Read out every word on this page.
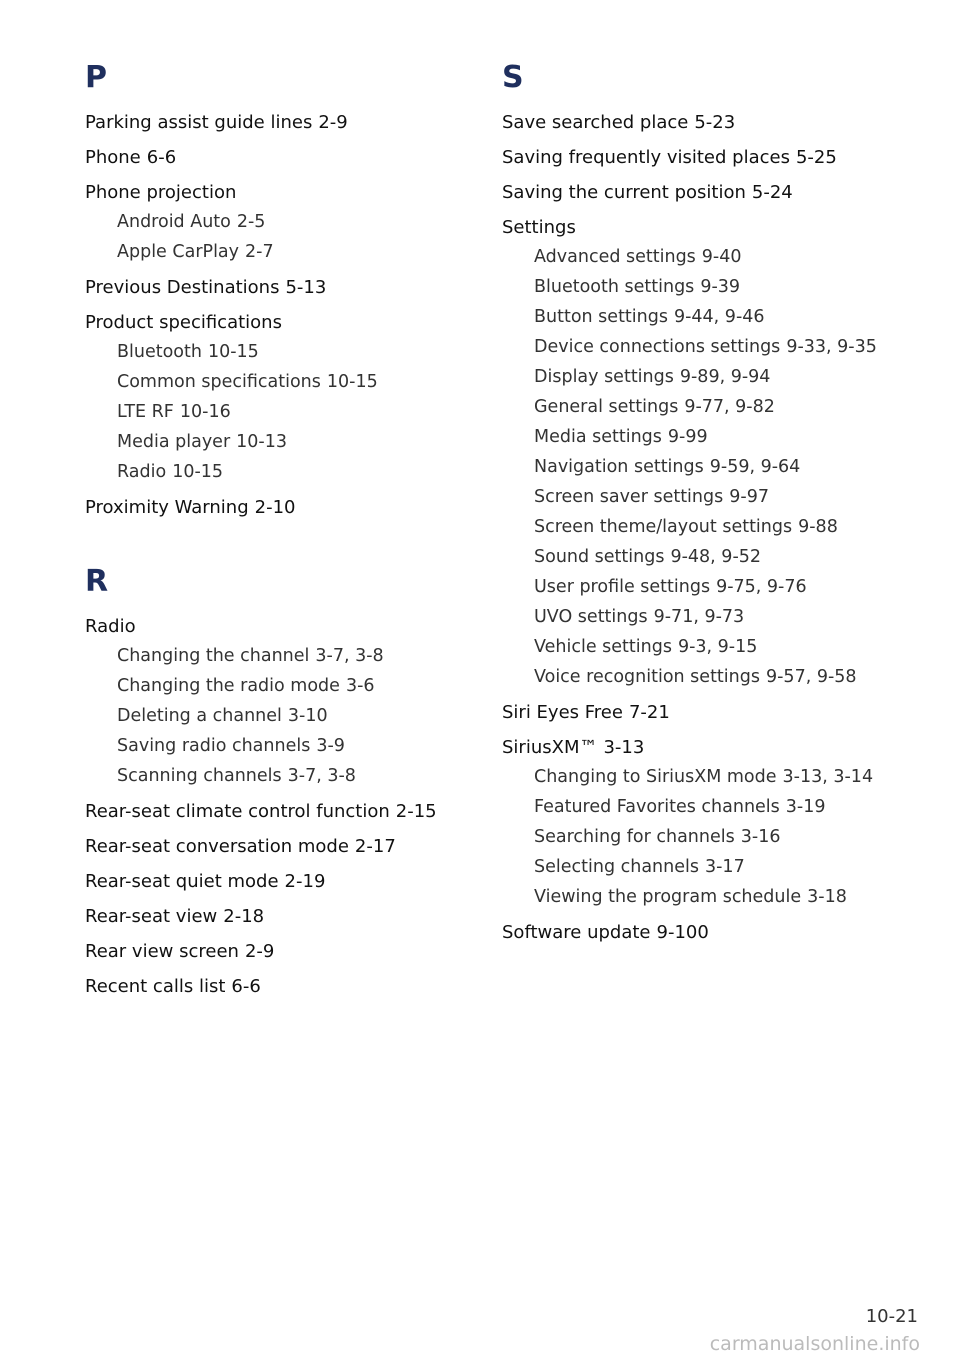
P
Parking assist guide lines 2-9
Phone 6-6
Phone projection
Android Auto 2-5
Apple CarPlay 2-7
Previous Destinations 5-13
Product specifications
Bluetooth 10-15
Common specifications 10-15
LTE RF 10-16
Media player 10-13
Radio 10-15
Proximity Warning 2-10
R
Radio
Changing the channel 3-7, 3-8
Changing the radio mode 3-6
Deleting a channel 3-10
Saving radio channels 3-9
Scanning channels 3-7, 3-8
Rear-seat climate control function 2-15
Rear-seat conversation mode 2-17
Rear-seat quiet mode 2-19
Rear-seat view 2-18
Rear view screen 2-9
Recent calls list 6-6
S
Save searched place 5-23
Saving frequently visited places 5-25
Saving the current position 5-24
Settings
Advanced settings 9-40
Bluetooth settings 9-39
Button settings 9-44, 9-46
Device connections settings 9-33, 9-35
Display settings 9-89, 9-94
General settings 9-77, 9-82
Media settings 9-99
Navigation settings 9-59, 9-64
Screen saver settings 9-97
Screen theme/layout settings 9-88
Sound settings 9-48, 9-52
User profile settings 9-75, 9-76
UVO settings 9-71, 9-73
Vehicle settings 9-3, 9-15
Voice recognition settings 9-57, 9-58
Siri Eyes Free 7-21
SiriusXM™ 3-13
Changing to SiriusXM mode 3-13, 3-14
Featured Favorites channels 3-19
Searching for channels 3-16
Selecting channels 3-17
Viewing the program schedule 3-18
Software update 9-100
10-21
carmanualsonline.info
